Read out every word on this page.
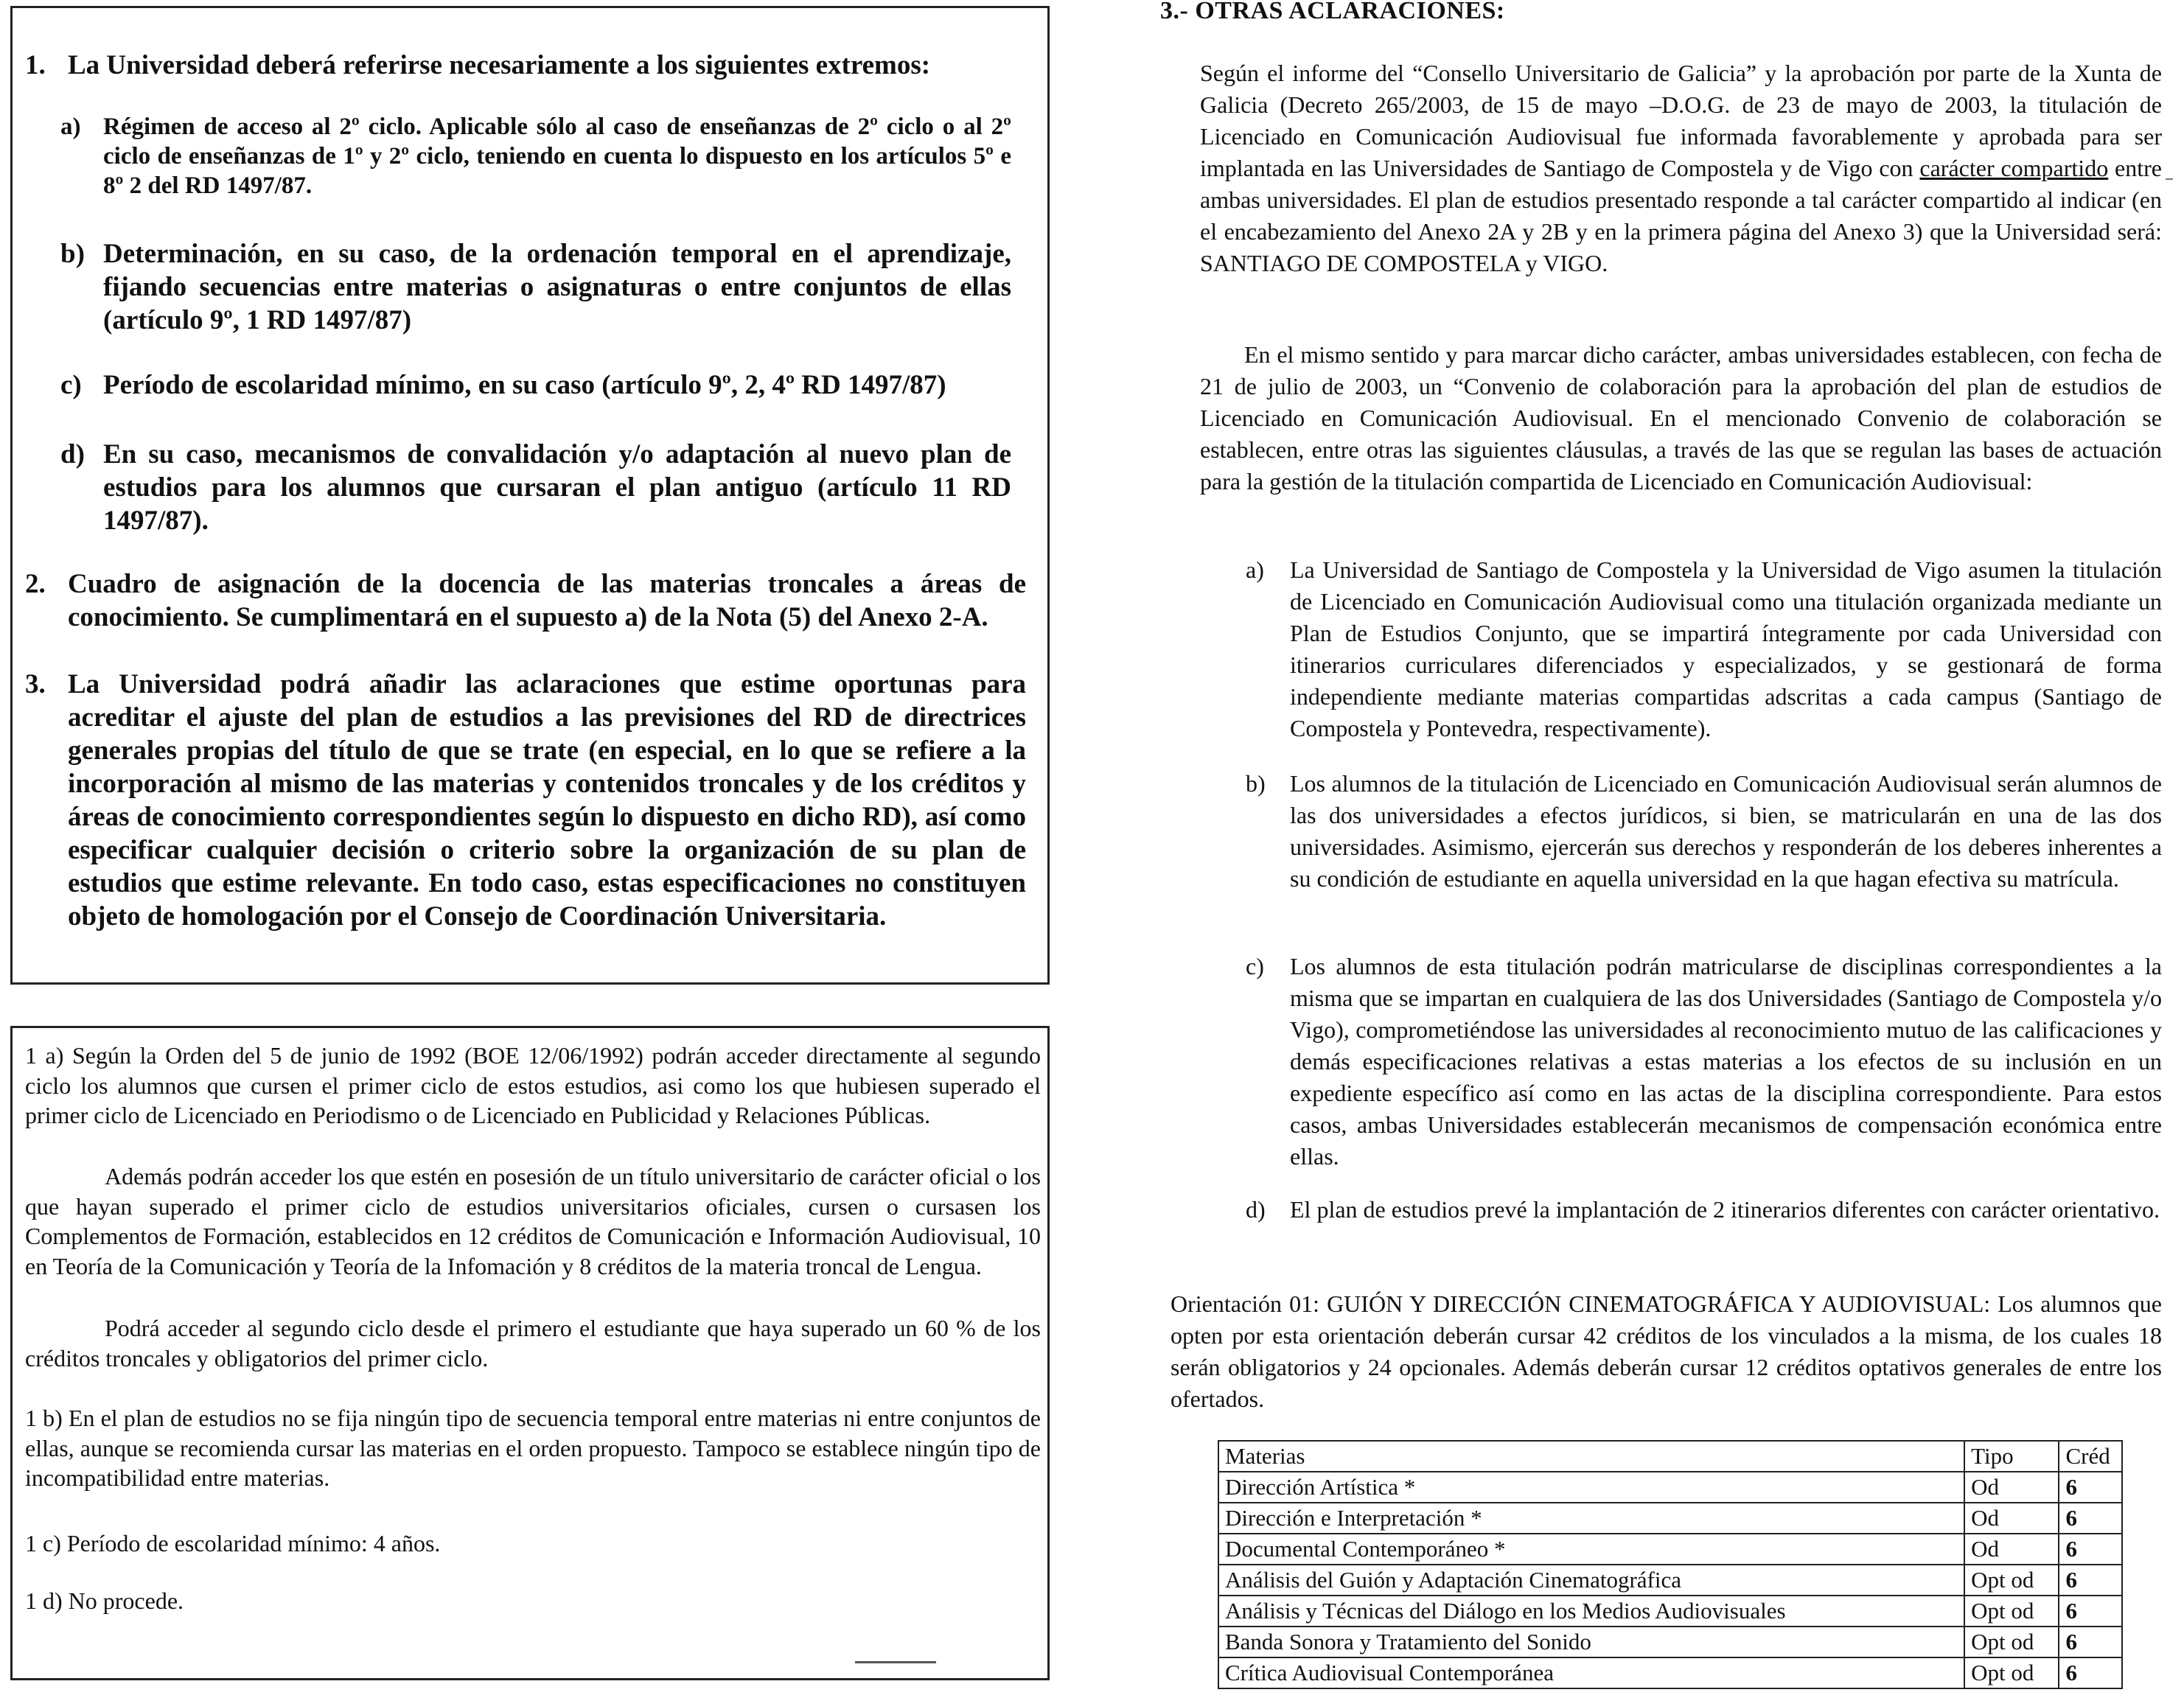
1. La Universidad deberá referirse necesariamente a los siguientes extremos:
a) Régimen de acceso al 2º ciclo. Aplicable sólo al caso de enseñanzas de 2º ciclo o al 2º ciclo de enseñanzas de 1º y 2º ciclo, teniendo en cuenta lo dispuesto en los artículos 5º e 8º 2 del RD 1497/87.
b) Determinación, en su caso, de la ordenación temporal en el aprendizaje, fijando secuencias entre materias o asignaturas o entre conjuntos de ellas (artículo 9º, 1 RD 1497/87)
c) Período de escolaridad mínimo, en su caso (artículo 9º, 2, 4º RD 1497/87)
d) En su caso, mecanismos de convalidación y/o adaptación al nuevo plan de estudios para los alumnos que cursaran el plan antiguo (artículo 11 RD 1497/87).
2. Cuadro de asignación de la docencia de las materias troncales a áreas de conocimiento. Se cumplimentará en el supuesto a) de la Nota (5) del Anexo 2-A.
3. La Universidad podrá añadir las aclaraciones que estime oportunas para acreditar el ajuste del plan de estudios a las previsiones del RD de directrices generales propias del título de que se trate (en especial, en lo que se refiere a la incorporación al mismo de las materias y contenidos troncales y de los créditos y áreas de conocimiento correspondientes según lo dispuesto en dicho RD), así como especificar cualquier decisión o criterio sobre la organización de su plan de estudios que estime relevante. En todo caso, estas especificaciones no constituyen objeto de homologación por el Consejo de Coordinación Universitaria.
1 a) Según la Orden del 5 de junio de 1992 (BOE 12/06/1992) podrán acceder directamente al segundo ciclo los alumnos que cursen el primer ciclo de estos estudios, asi como los que hubiesen superado el primer ciclo de Licenciado en Periodismo o de Licenciado en Publicidad y Relaciones Públicas.
Además podrán acceder los que estén en posesión de un título universitario de carácter oficial o los que hayan superado el primer ciclo de estudios universitarios oficiales, cursen o cursasen los Complementos de Formación, establecidos en 12 créditos de Comunicación e Información Audiovisual, 10 en Teoría de la Comunicación y Teoría de la Infomación y 8 créditos de la materia troncal de Lengua.
Podrá acceder al segundo ciclo desde el primero el estudiante que haya superado un 60 % de los créditos troncales y obligatorios del primer ciclo.
1 b) En el plan de estudios no se fija ningún tipo de secuencia temporal entre materias ni entre conjuntos de ellas, aunque se recomienda cursar las materias en el orden propuesto. Tampoco se establece ningún tipo de incompatibilidad entre materias.
1 c) Período de escolaridad mínimo: 4 años.
1 d) No procede.
3.- OTRAS ACLARACIONES:
Según el informe del “Consello Universitario de Galicia” y la aprobación por parte de la Xunta de Galicia (Decreto 265/2003, de 15 de mayo –D.O.G. de 23 de mayo de 2003, la titulación de Licenciado en Comunicación Audiovisual fue informada favorablemente y aprobada para ser implantada en las Universidades de Santiago de Compostela y de Vigo con carácter compartido entre ambas universidades. El plan de estudios presentado responde a tal carácter compartido al indicar (en el encabezamiento del Anexo 2A y 2B y en la primera página del Anexo 3) que la Universidad será: SANTIAGO DE COMPOSTELA y VIGO.
En el mismo sentido y para marcar dicho carácter, ambas universidades establecen, con fecha de 21 de julio de 2003, un “Convenio de colaboración para la aprobación del plan de estudios de Licenciado en Comunicación Audiovisual. En el mencionado Convenio de colaboración se establecen, entre otras las siguientes cláusulas, a través de las que se regulan las bases de actuación para la gestión de la titulación compartida de Licenciado en Comunicación Audiovisual:
a) La Universidad de Santiago de Compostela y la Universidad de Vigo asumen la titulación de Licenciado en Comunicación Audiovisual como una titulación organizada mediante un Plan de Estudios Conjunto, que se impartirá íntegramente por cada Universidad con itinerarios curriculares diferenciados y especializados, y se gestionará de forma independiente mediante materias compartidas adscritas a cada campus (Santiago de Compostela y Pontevedra, respectivamente).
b) Los alumnos de la titulación de Licenciado en Comunicación Audiovisual serán alumnos de las dos universidades a efectos jurídicos, si bien, se matricularán en una de las dos universidades. Asimismo, ejercerán sus derechos y responderán de los deberes inherentes a su condición de estudiante en aquella universidad en la que hagan efectiva su matrícula.
c) Los alumnos de esta titulación podrán matricularse de disciplinas correspondientes a la misma que se impartan en cualquiera de las dos Universidades (Santiago de Compostela y/o Vigo), comprometiéndose las universidades al reconocimiento mutuo de las calificaciones y demás especificaciones relativas a estas materias a los efectos de su inclusión en un expediente específico así como en las actas de la disciplina correspondiente. Para estos casos, ambas Universidades establecerán mecanismos de compensación económica entre ellas.
d) El plan de estudios prevé la implantación de 2 itinerarios diferentes con carácter orientativo.
Orientación 01: GUIÓN Y DIRECCIÓN CINEMATOGRÁFICA Y AUDIOVISUAL: Los alumnos que opten por esta orientación deberán cursar 42 créditos de los vinculados a la misma, de los cuales 18 serán obligatorios y 24 opcionales. Además deberán cursar 12 créditos optativos generales de entre los ofertados.
Materias	Tipo	Créd
Dirección Artística *	Od	6
Dirección e Interpretación *	Od	6
Documental Contemporáneo *	Od	6
Análisis del Guión y Adaptación Cinematográfica	Opt od	6
Análisis y Técnicas del Diálogo en los Medios Audiovisuales	Opt od	6
Banda Sonora y Tratamiento del Sonido	Opt od	6
Crítica Audiovisual Contemporánea	Opt od	6
